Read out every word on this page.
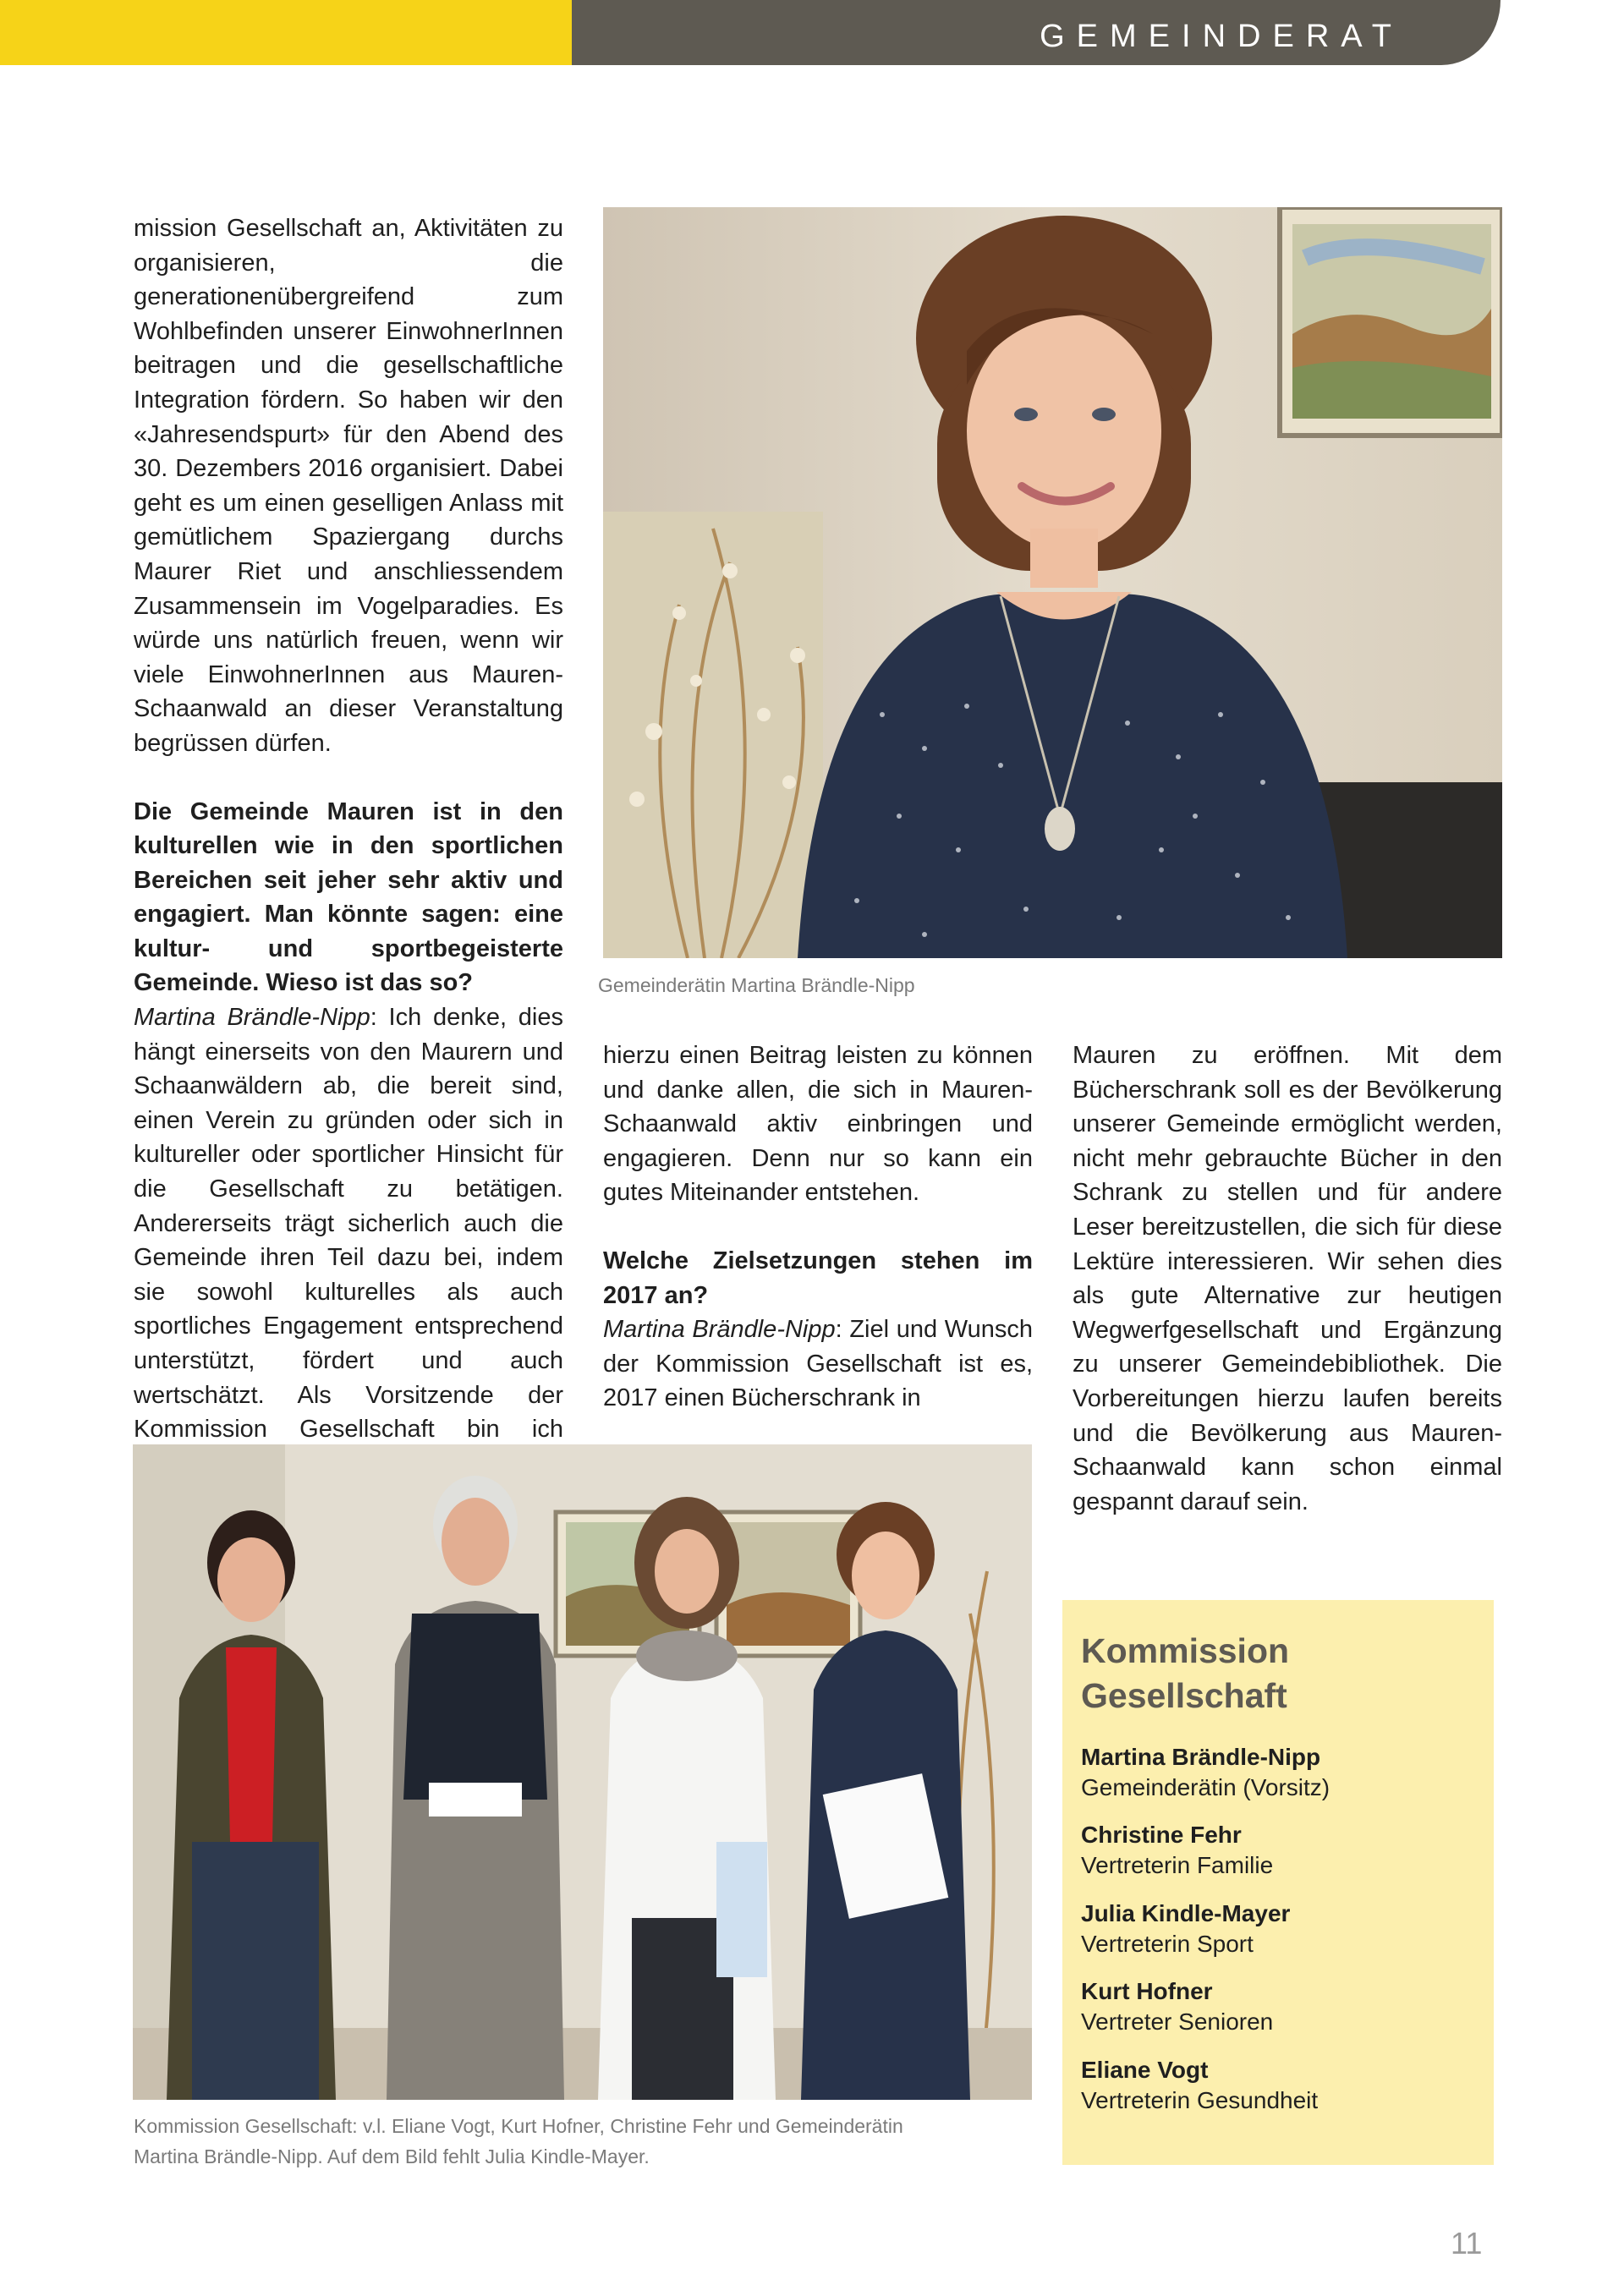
GEMEINDERAT

mission Gesellschaft an, Aktivitäten zu organisieren, die generationenübergreifend zum Wohlbefinden unserer EinwohnerInnen beitragen und die gesellschaftliche Integration fördern. So haben wir den «Jahresendspurt» für den Abend des 30. Dezembers 2016 organisiert. Dabei geht es um einen geselligen Anlass mit gemütlichem Spaziergang durchs Maurer Riet und anschliessendem Zusammensein im Vogelparadies. Es würde uns natürlich freuen, wenn wir viele EinwohnerInnen aus Mauren-Schaanwald an dieser Veranstaltung begrüssen dürfen.

Die Gemeinde Mauren ist in den kulturellen wie in den sportlichen Bereichen seit jeher sehr aktiv und engagiert. Man könnte sagen: eine kultur- und sportbegeisterte Gemeinde. Wieso ist das so?

Martina Brändle-Nipp: Ich denke, dies hängt einerseits von den Maurern und Schaanwäldern ab, die bereit sind, einen Verein zu gründen oder sich in kultureller oder sportlicher Hinsicht für die Gesellschaft zu betätigen. Andererseits trägt sicherlich auch die Gemeinde ihren Teil dazu bei, indem sie sowohl kulturelles als auch sportliches Engagement entsprechend unterstützt, fördert und auch wertschätzt. Als Vorsitzende der Kommission Gesellschaft bin ich

Gemeinderätin Martina Brändle-Nipp

hierzu einen Beitrag leisten zu können und danke allen, die sich in Mauren-Schaanwald aktiv einbringen und engagieren. Denn nur so kann ein gutes Miteinander entstehen.

Welche Zielsetzungen stehen im 2017 an?

Martina Brändle-Nipp: Ziel und Wunsch der Kommission Gesellschaft ist es, 2017 einen Bücherschrank in

Mauren zu eröffnen. Mit dem Bücherschrank soll es der Bevölkerung unserer Gemeinde ermöglicht werden, nicht mehr gebrauchte Bücher in den Schrank zu stellen und für andere Leser bereitzustellen, die sich für diese Lektüre interessieren. Wir sehen dies als gute Alternative zur heutigen Wegwerfgesellschaft und Ergänzung zu unserer Gemeindebibliothek. Die Vorbereitungen hierzu laufen bereits und die Bevölkerung aus Mauren-Schaanwald kann schon einmal gespannt darauf sein.

Kommission Gesellschaft: v.l. Eliane Vogt, Kurt Hofner, Christine Fehr und Gemeinderätin
Martina Brändle-Nipp. Auf dem Bild fehlt Julia Kindle-Mayer.
Kommission Gesellschaft
Martina Brändle-Nipp
Gemeinderätin (Vorsitz)
Christine Fehr
Vertreterin Familie
Julia Kindle-Mayer
Vertreterin Sport
Kurt Hofner
Vertreter Senioren
Eliane Vogt
Vertreterin Gesundheit
11
